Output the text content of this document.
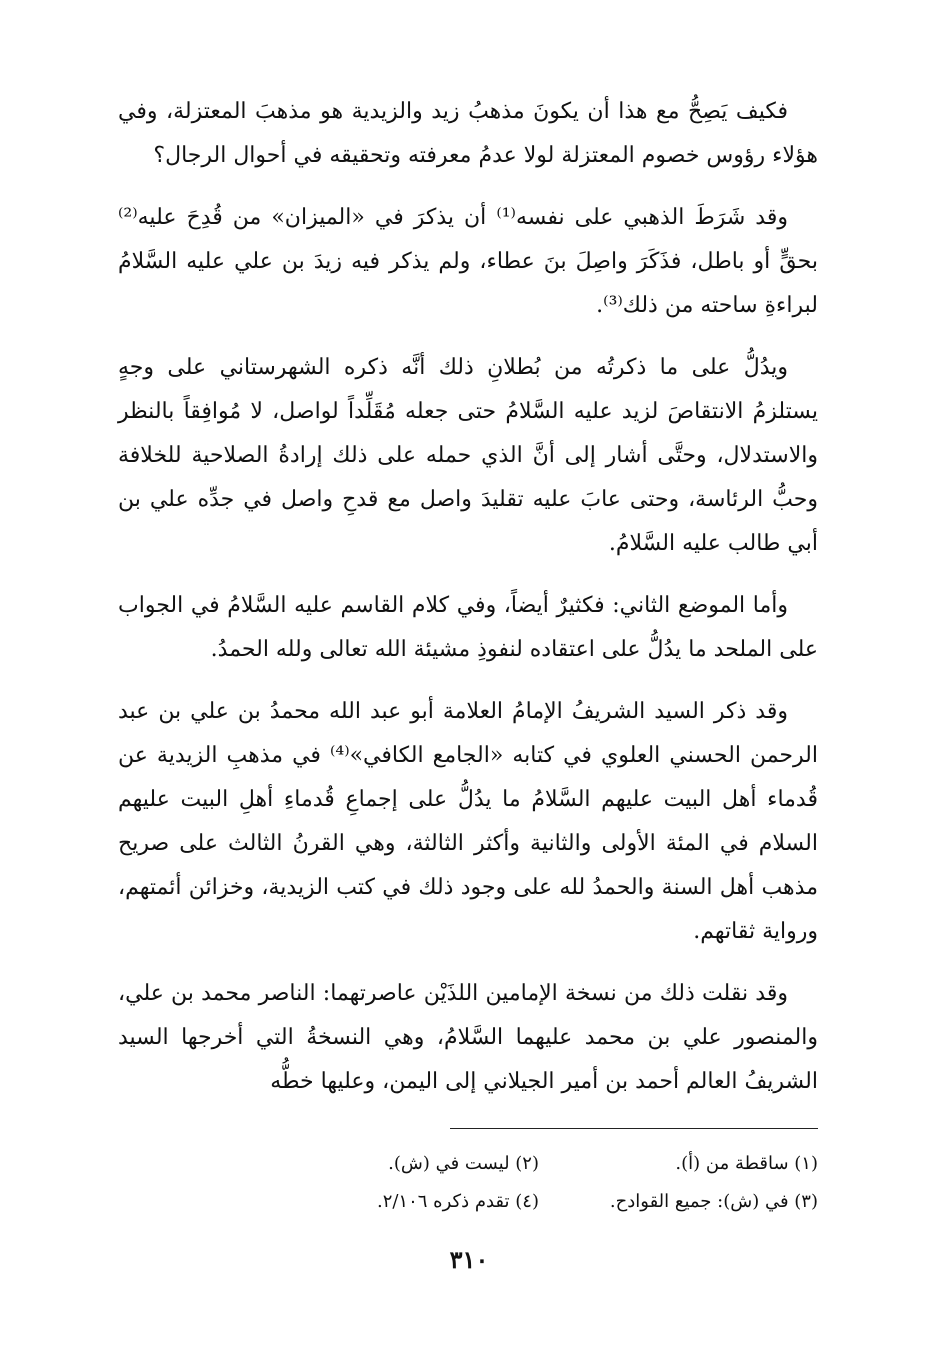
فكيف يَصِحُّ مع هذا أن يكونَ مذهبُ زيد والزيدية هو مذهبَ المعتزلة، وفي هؤلاء رؤوس خصوم المعتزلة لولا عدمُ معرفته وتحقيقه في أحوال الرجال؟

وقد شَرَطَ الذهبي على نفسه⁽¹⁾ أن يذكرَ في «الميزان» من قُدِحَ عليه⁽²⁾ بحقٍّ أو باطل، فذَكَرَ واصِلَ بنَ عطاء، ولم يذكر فيه زيدَ بن علي عليه السَّلامُ لبراءةِ ساحته من ذلك⁽³⁾.

ويدُلُّ على ما ذكرتُه من بُطلانِ ذلك أنَّه ذكره الشهرستاني على وجهٍ يستلزمُ الانتقاصَ لزيد عليه السَّلامُ حتى جعله مُقَلِّداً لواصل، لا مُوافِقاً بالنظر والاستدلال، وحتَّى أشار إلى أنَّ الذي حمله على ذلك إرادةُ الصلاحية للخلافة وحبُّ الرئاسة، وحتى عابَ عليه تقليدَ واصل مع قدحِ واصل في جدِّه علي بن أبي طالب عليه السَّلامُ.

وأما الموضع الثاني: فكثيرٌ أيضاً، وفي كلام القاسم عليه السَّلامُ في الجواب على الملحد ما يدُلُّ على اعتقاده لنفوذِ مشيئة الله تعالى ولله الحمدُ.

وقد ذكر السيد الشريفُ الإمامُ العلامة أبو عبد الله محمدُ بن علي بن عبد الرحمن الحسني العلوي في كتابه «الجامع الكافي»⁽⁴⁾ في مذهبِ الزيدية عن قُدماء أهل البيت عليهم السَّلامُ ما يدُلُّ على إجماعِ قُدماءِ أهلِ البيت عليهم السلام في المئة الأولى والثانية وأكثر الثالثة، وهي القرنُ الثالث على صريح مذهب أهل السنة والحمدُ لله على وجود ذلك في كتب الزيدية، وخزائن أئمتهم، ورواية ثقاتهم.

وقد نقلت ذلك من نسخة الإمامين اللذَيْن عاصرتهما: الناصر محمد بن علي، والمنصور علي بن محمد عليهما السَّلامُ، وهي النسخةُ التي أخرجها السيد الشريفُ العالم أحمد بن أمير الجيلاني إلى اليمن، وعليها خطُّه

(١) ساقطة من (أ).
(٢) ليست في (ش).
(٣) في (ش): جميع القوادح.
(٤) تقدم ذكره ٢/١٠٦.
٣١٠
